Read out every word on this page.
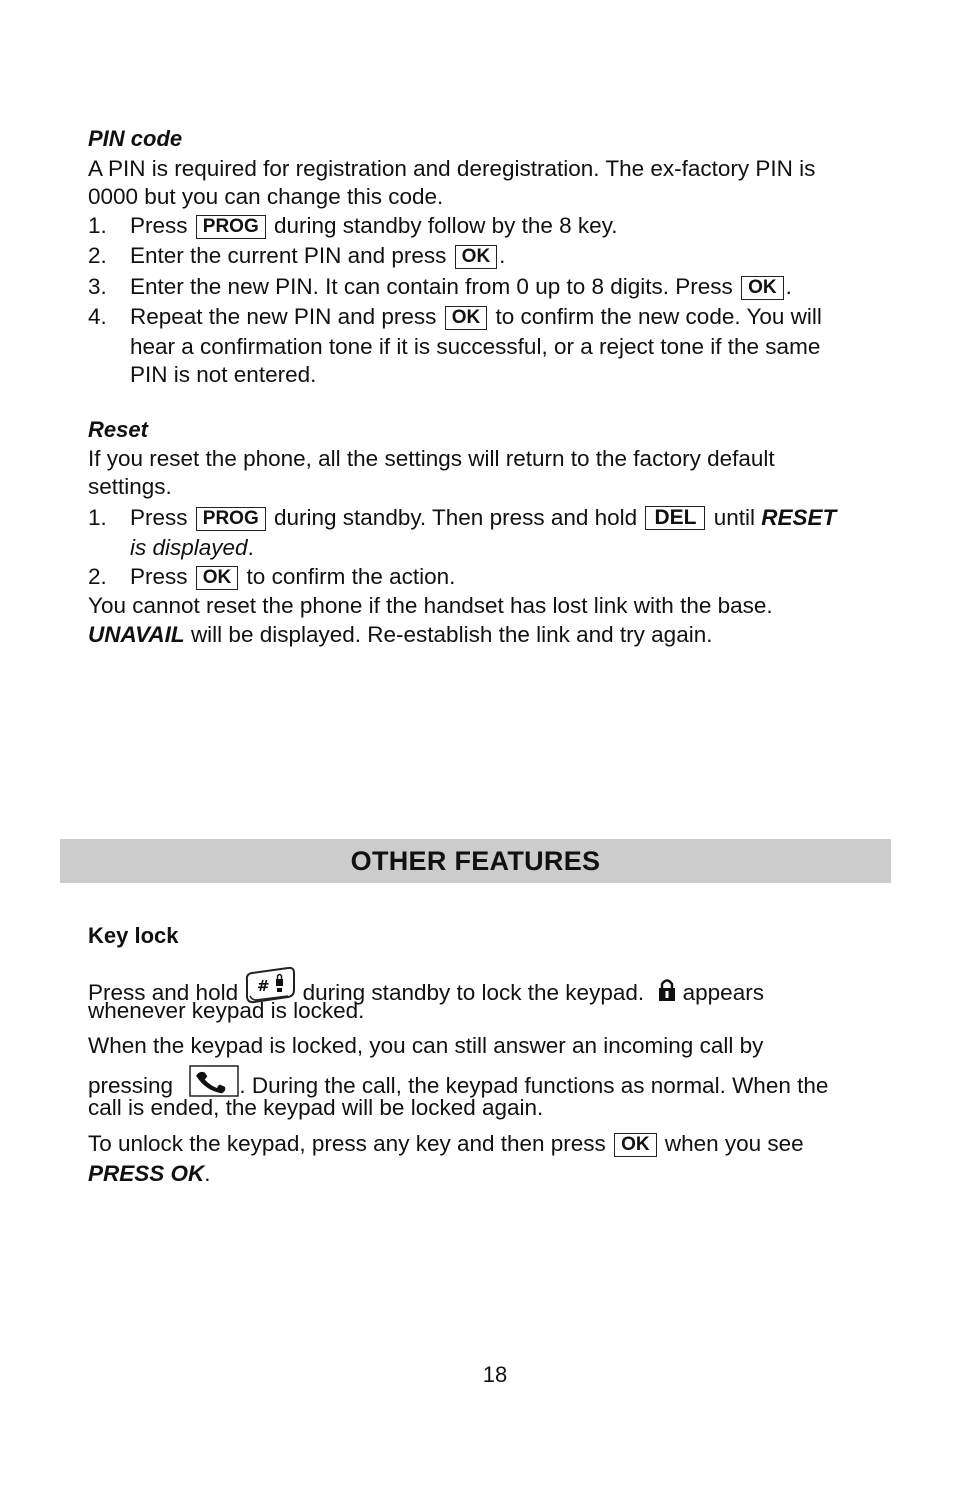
PIN code
A PIN is required for registration and deregistration. The ex-factory PIN is
0000 but you can change this code.
1. Press PROG during standby follow by the 8 key.
2. Enter the current PIN and press OK .
3. Enter the new PIN. It can contain from 0 up to 8 digits. Press OK .
4. Repeat the new PIN and press OK to confirm the new code. You will
hear a confirmation tone if it is successful, or a reject tone if the same
PIN is not entered.
Reset
If you reset the phone, all the settings will return to the factory default
settings.
1. Press PROG during standby. Then press and hold DEL until RESET
is displayed.
2. Press OK to confirm the action.
You cannot reset the phone if the handset has lost link with the base.
UNAVAIL will be displayed. Re-establish the link and try again.
OTHER FEATURES
Key lock
Press and hold # during standby to lock the keypad. appears
whenever keypad is locked.
When the keypad is locked, you can still answer an incoming call by
pressing	. During the call, the keypad functions as normal. When the
call is ended, the keypad will be locked again.
To unlock the keypad, press any key and then press OK when you see
PRESS OK.
18
